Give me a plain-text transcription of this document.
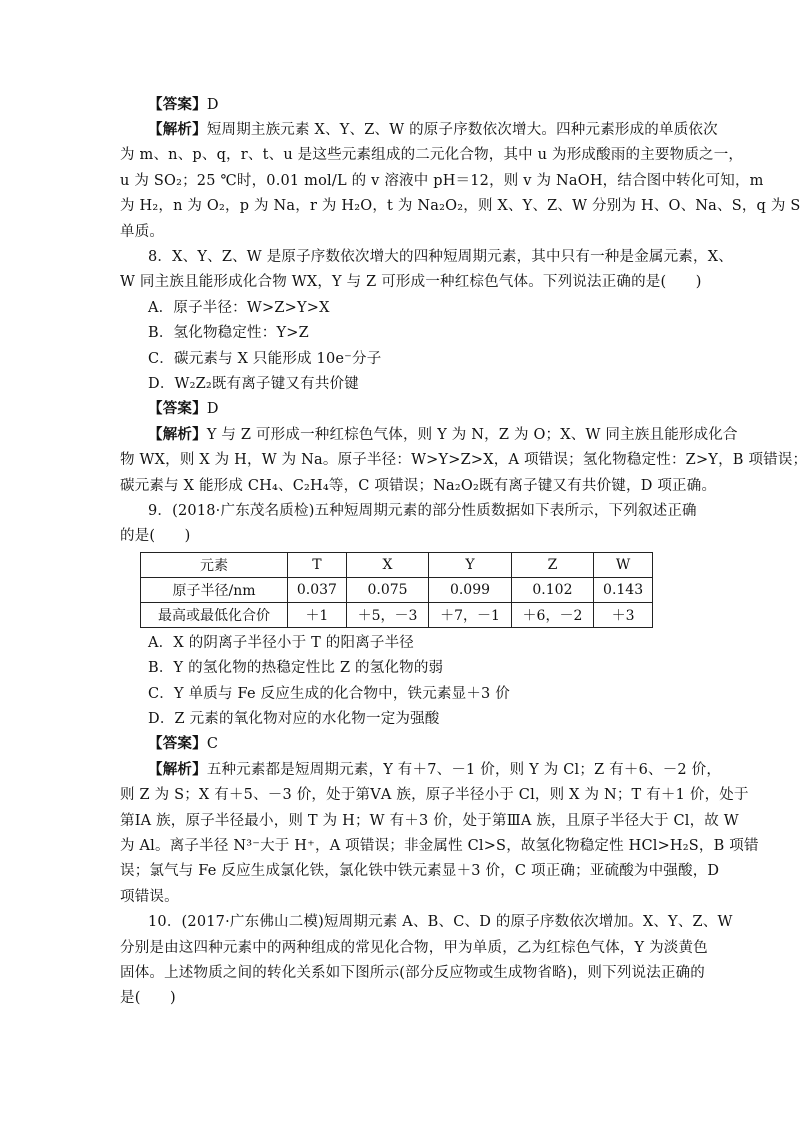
【答案】D
【解析】短周期主族元素 X、Y、Z、W 的原子序数依次增大。四种元素形成的单质依次
为 m、n、p、q，r、t、u 是这些元素组成的二元化合物，其中 u 为形成酸雨的主要物质之一，
u 为 SO₂；25 ℃时，0.01 mol/L 的 v 溶液中 pH＝12，则 v 为 NaOH，结合图中转化可知，m
为 H₂，n 为 O₂，p 为 Na，r 为 H₂O，t 为 Na₂O₂，则 X、Y、Z、W 分别为 H、O、Na、S，q 为 S
单质。
8．X、Y、Z、W 是原子序数依次增大的四种短周期元素，其中只有一种是金属元素，X、
W 同主族且能形成化合物 WX，Y 与 Z 可形成一种红棕色气体。下列说法正确的是(　　)
A．原子半径：W>Z>Y>X
B．氢化物稳定性：Y>Z
C．碳元素与 X 只能形成 10e⁻分子
D．W₂Z₂既有离子键又有共价键
【答案】D
【解析】Y 与 Z 可形成一种红棕色气体，则 Y 为 N，Z 为 O；X、W 同主族且能形成化合
物 WX，则 X 为 H，W 为 Na。原子半径：W>Y>Z>X，A 项错误；氢化物稳定性：Z>Y，B 项错误；
碳元素与 X 能形成 CH₄、C₂H₄等，C 项错误；Na₂O₂既有离子键又有共价键，D 项正确。
9．(2018·广东茂名质检)五种短周期元素的部分性质数据如下表所示，下列叙述正确
的是(　　)
元素	T	X	Y	Z	W
原子半径/nm	0.037	0.075	0.099	0.102	0.143
最高或最低化合价	＋1	＋5，－3	＋7，－1	＋6，－2	＋3
A．X 的阴离子半径小于 T 的阳离子半径
B．Y 的氢化物的热稳定性比 Z 的氢化物的弱
C．Y 单质与 Fe 反应生成的化合物中，铁元素显＋3 价
D．Z 元素的氧化物对应的水化物一定为强酸
【答案】C
【解析】五种元素都是短周期元素，Y 有＋7、－1 价，则 Y 为 Cl；Z 有＋6、－2 价，
则 Z 为 S；X 有＋5、－3 价，处于第ⅤA 族，原子半径小于 Cl，则 X 为 N；T 有＋1 价，处于
第ⅠA 族，原子半径最小，则 T 为 H；W 有＋3 价，处于第ⅢA 族，且原子半径大于 Cl，故 W
为 Al。离子半径 N³⁻大于 H⁺，A 项错误；非金属性 Cl>S，故氢化物稳定性 HCl>H₂S，B 项错
误；氯气与 Fe 反应生成氯化铁，氯化铁中铁元素显＋3 价，C 项正确；亚硫酸为中强酸，D
项错误。
10．(2017·广东佛山二模)短周期元素 A、B、C、D 的原子序数依次增加。X、Y、Z、W
分别是由这四种元素中的两种组成的常见化合物，甲为单质，乙为红棕色气体，Y 为淡黄色
固体。上述物质之间的转化关系如下图所示(部分反应物或生成物省略)，则下列说法正确的
是(　　)
